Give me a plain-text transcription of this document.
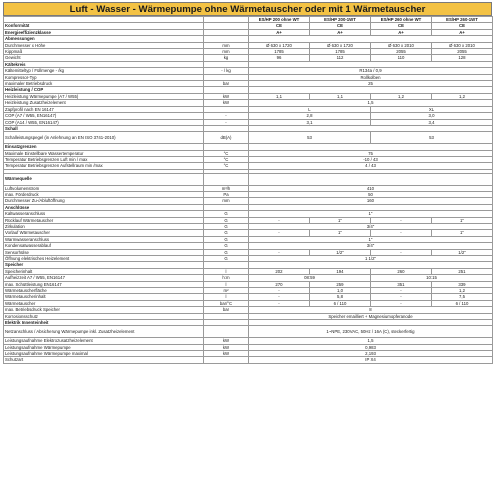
Luft - Wasser - Wärmepumpe ohne Wärmetauscher oder mit 1 Wärmetauscher
		ES/HP 200 ohne WT	ES/HP 200-1WT	ES/HP 260 ohne WT	ES/HP 260-1WT
Konformität		CE	CE	CE	CE
Energieeffizienzklasse		A+	A+	A+	A+
Abmessungen					
Durchmesser x Höhe	mm	Ø 630 x 1720	Ø 630 x 1720	Ø 630 x 2010	Ø 630 x 2010
Kippmaß	mm	1785	1785	2055	2055
Gewicht	kg	96	112	110	128
Kältekreis					
Kältemitteltyp / Füllmenge - /kg	- / kg	R134a / 0,9			
Kompressor-Typ		Rollkolben			
maximaler Betriebsdruck	bar	25			
Heizleistung / COP					
Heizleistung Wärmepumpe (A7 / W55)	kW	1,1	1,1	1,2	1,2
Heizleistung Zusatzheizelement	kW	1,5			
Zapfprofil nach EN 16147		L		XL	
COP (A7 / W55, EN16147)	-	2,8		3,0	
COP (A14 / W55, EN16147)	-	3,1		3,4	
Schall					
Schalleistungspegel (in Anlehnung an EN ISO 3741-2010)	dB(A)	53		53	
Einsatzgrenzen					
Maximale Einstellbare Wassertemperatur	°C	75			
Temperatur Betriebsgrenzen Luft min / max	°C	-10 / 43			
Temperatur Betriebsgrenzen Aufstellraum min /max	°C	4 / 43			

Wärmequelle					
Luftvolumenstrom	m³/h	410			
max. Förderdruck	Pa	50			
Durchmesser Zu-/Abluftöffnung	mm	160			
Anschlüsse					
Kaltwasseranschluss	G	1"			
Rücklauf Wärmetauscher	G	-	1"	-	1"
Zirkulation	G	3/4"			
Vorlauf Wärmetauscher	G	-	1"	-	1"
Warmwasseranschluss	G	1"			
Kondensatwasserablauf	G	3/4"			
Sensorhülse	G	-	1/2"	-	1/2"
Öffnung elektrisches Heizelement	G	1 1/2"			
Speicher					
Speicherinhalt	l	202	194	260	251
Aufheizzeit A7 / W55, EN16147	h:m	08:59		10:15	
max. Schüttleistung EN16147	l	270	259	351	339
Wärmetauscherfläche	m²	-	1,0	-	1,2
Wärmetauscherinhalt	l	-	5,8	-	7,5
Wärmetauscher	bar/°C	-	6 / 110	-	6 / 110
max. Betriebsdruck Speicher	bar	8			
Korrosionsschutz		Speicher emailliert + Magnesiumopferanode			
Elektrik Innenteinheit					
Netzanschluss / Absicherung Wärmepumpe inkl. Zusatzheizelement		1~NPE, 230VAC, 50Hz / 16A (C), steckerfertig			
Leistungsaufnahme Elektrozusatzheizelement	kW	1,5			
Leistungsaufnahme Wärmepumpe	kW	0,983			
Leistungsaufnahme Wärmepumpe maximal	kW	2,193			
Schutzart		IP X4			
